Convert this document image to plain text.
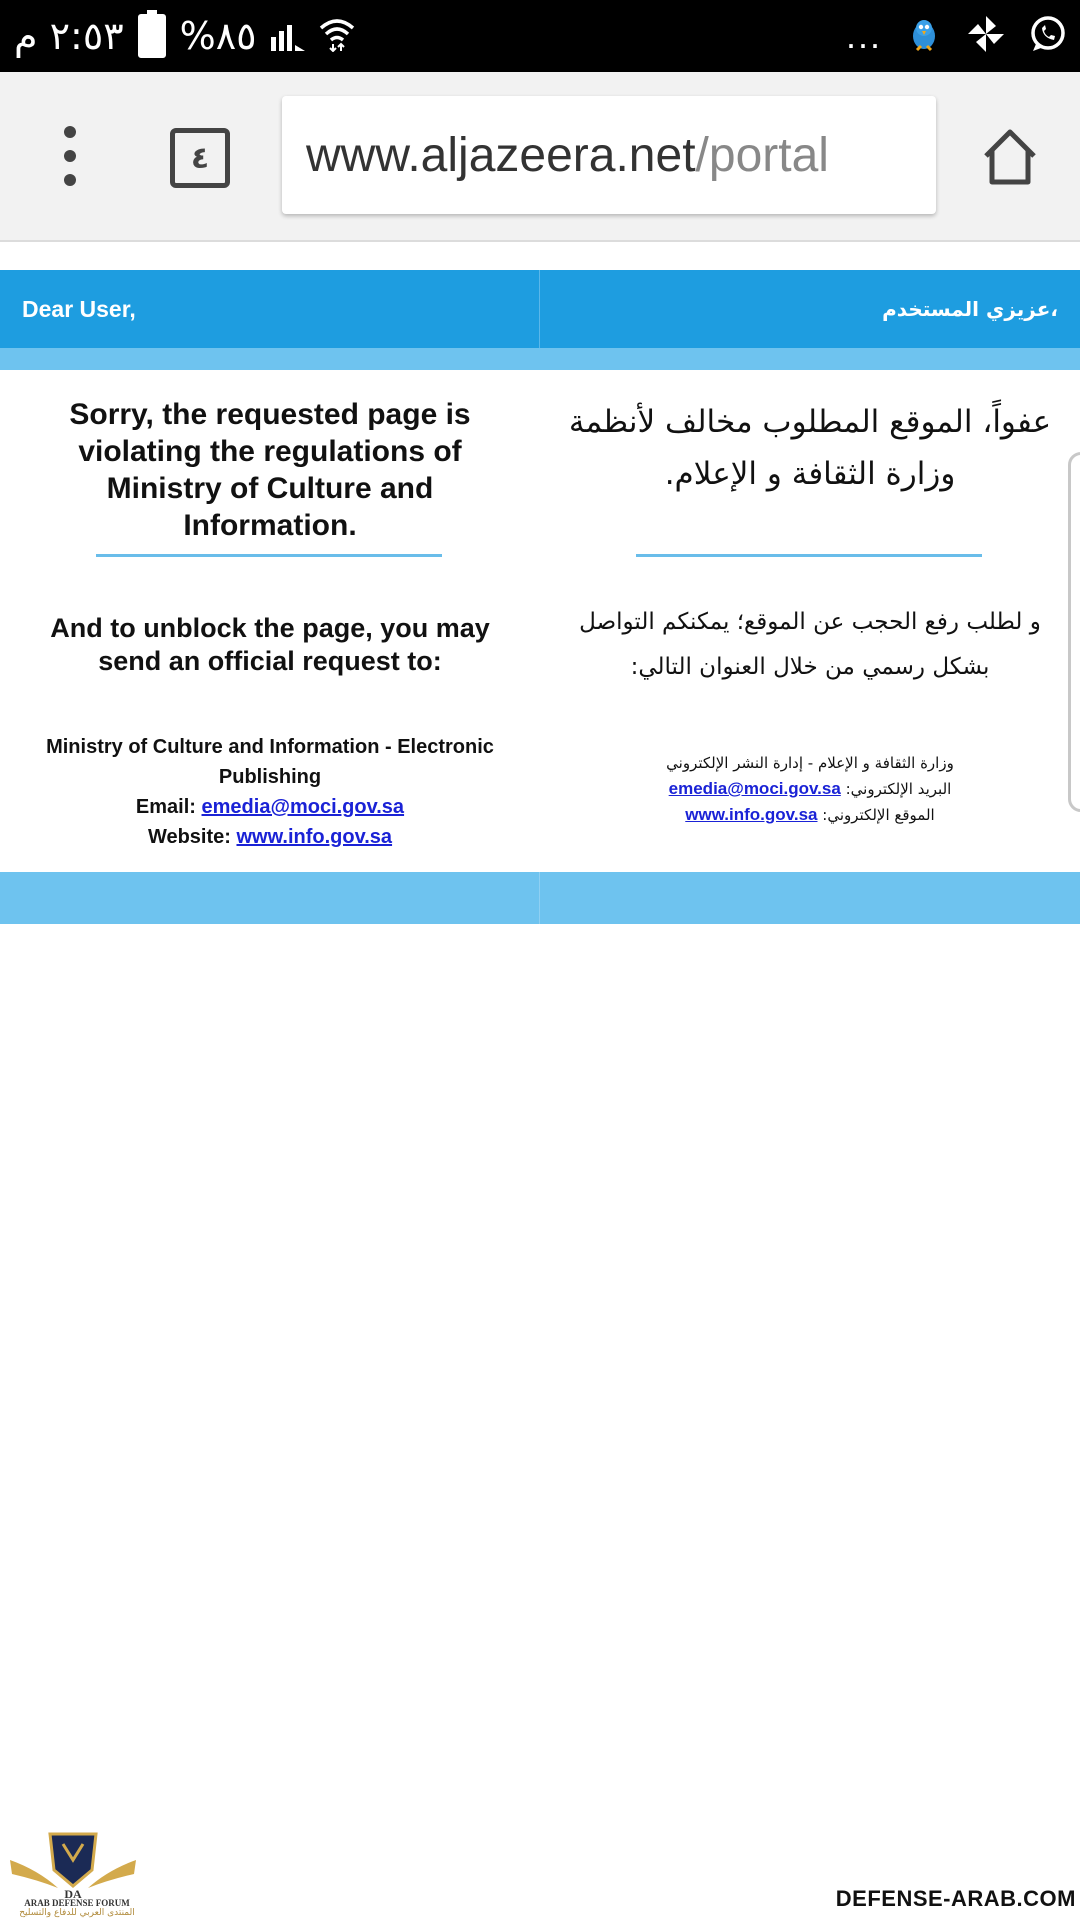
٢:٥٣ م %٨٥	...
٤	www.aljazeera.net /portal
Dear User,	عزيزي المستخدم،
Sorry, the requested page is violating the regulations of Ministry of Culture and Information.
And to unblock the page, you may send an official request to:
Ministry of Culture and Information - Electronic Publishing
Email: emedia@moci.gov.sa
Website: www.info.gov.sa
عفواً، الموقع المطلوب مخالف لأنظمة وزارة الثقافة و الإعلام.
و لطلب رفع الحجب عن الموقع؛ يمكنكم التواصل بشكل رسمي من خلال العنوان التالي:
وزارة الثقافة و الإعلام - إدارة النشر الإلكتروني
البريد الإلكتروني: emedia@moci.gov.sa
الموقع الإلكتروني: www.info.gov.sa
DA
ARAB DEFENSE FORUM
المنتدى العربي للدفاع والتسليح
DEFENSE-ARAB.COM
